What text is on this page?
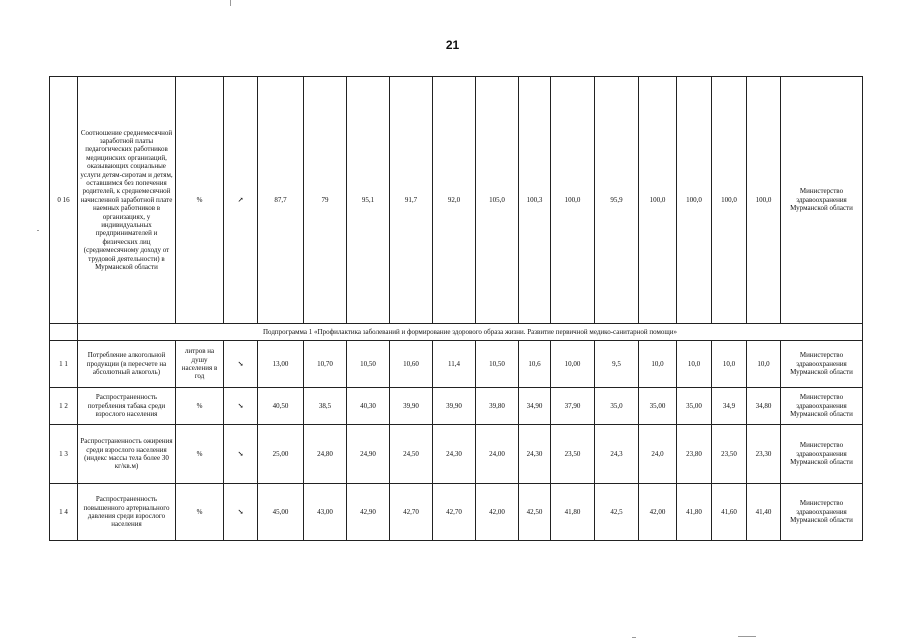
21
0 16	Соотношение среднемесячной заработной платы педагогических работников медицинских организаций, оказывающих социальные услуги детям-сиротам и детям, оставшимся без попечения родителей, к среднемесячной начисленной заработной плате наемных работников в организациях, у индивидуальных предпринимателей и физических лиц (среднемесячному доходу от трудовой деятельности) в Мурманской области	%	↗	87,7	79	95,1	91,7	92,0	105,0	100,3	100,0	95,9	100,0	100,0	100,0	100,0	Министерство здравоохранения Мурманской области
	Подпрограмма 1 «Профилактика заболеваний и формирование здорового образа жизни. Развитие первичной медико-санитарной помощи»																
1 1	Потребление алкогольной продукции (в пересчете на абсолютный алкоголь)	литров на душу населения в год	↘	13,00	10,70	10,50	10,60	11,4	10,50	10,6	10,00	9,5	10,0	10,0	10,0	10,0	Министерство здравоохранения Мурманской области
1 2	Распространенность потребления табака среди взрослого населения	%	↘	40,50	38,5	40,30	39,90	39,90	39,80	34,90	37,90	35,0	35,00	35,00	34,9	34,80	Министерство здравоохранения Мурманской области
1 3	Распространенность ожирения среди взрослого населения (индекс массы тела более 30 кг/кв.м)	%	↘	25,00	24,80	24,90	24,50	24,30	24,00	24,30	23,50	24,3	24,0	23,80	23,50	23,30	Министерство здравоохранения Мурманской области
1 4	Распространенность повышенного артериального давления среди взрослого населения	%	↘	45,00	43,00	42,90	42,70	42,70	42,00	42,50	41,80	42,5	42,00	41,80	41,60	41,40	Министерство здравоохранения Мурманской области
